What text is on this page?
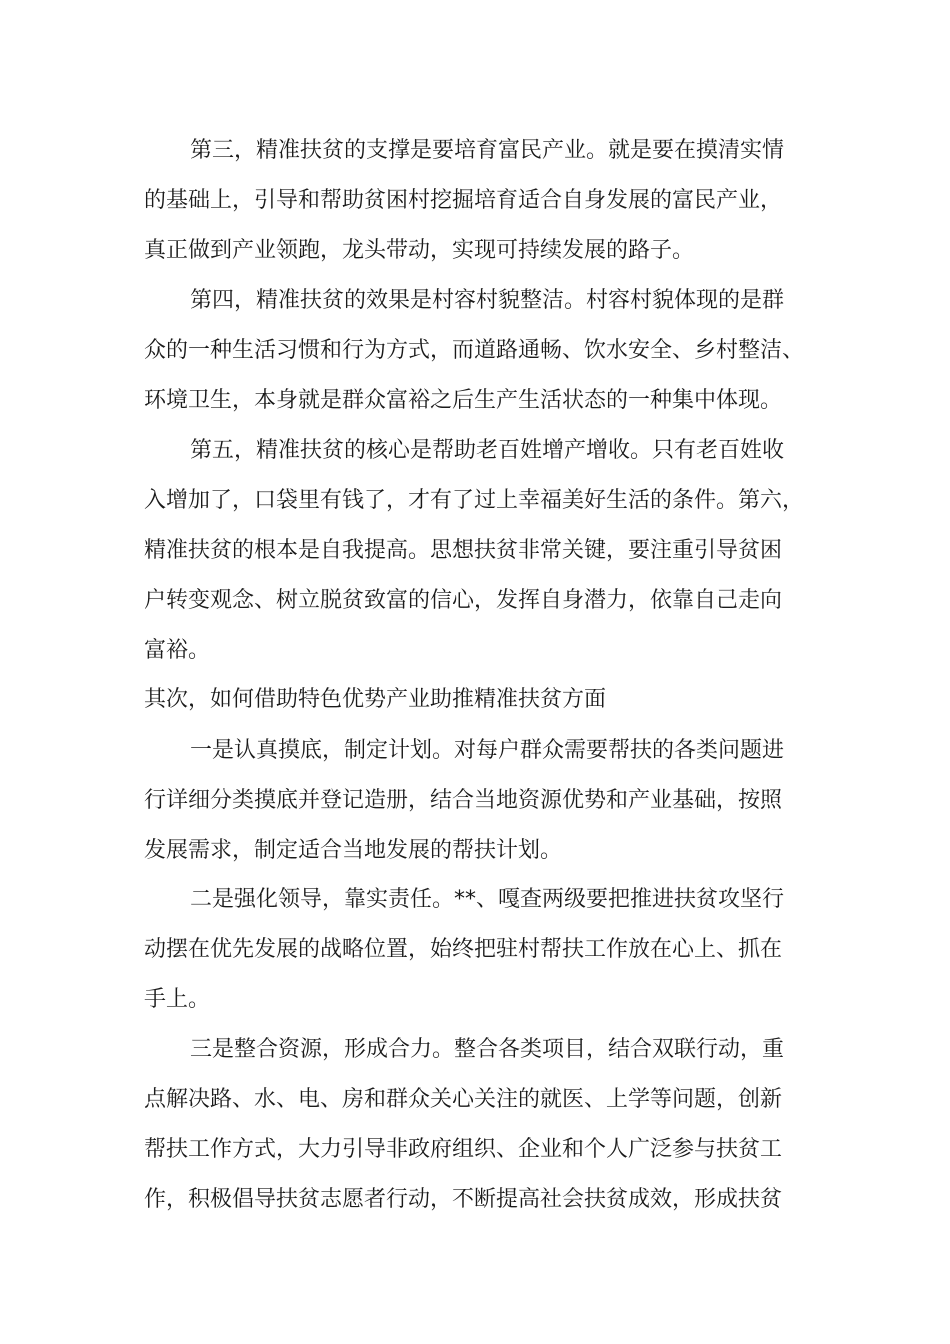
第三，精准扶贫的支撑是要培育富民产业。就是要在摸清实情

的基础上，引导和帮助贫困村挖掘培育适合自身发展的富民产业，

真正做到产业领跑，龙头带动，实现可持续发展的路子。

第四，精准扶贫的效果是村容村貌整洁。村容村貌体现的是群

众的一种生活习惯和行为方式，而道路通畅、饮水安全、乡村整洁、

环境卫生，本身就是群众富裕之后生产生活状态的一种集中体现。

第五，精准扶贫的核心是帮助老百姓增产增收。只有老百姓收

入增加了，口袋里有钱了，才有了过上幸福美好生活的条件。第六，

精准扶贫的根本是自我提高。思想扶贫非常关键，要注重引导贫困

户转变观念、树立脱贫致富的信心，发挥自身潜力，依靠自己走向

富裕。

其次，如何借助特色优势产业助推精准扶贫方面

一是认真摸底，制定计划。对每户群众需要帮扶的各类问题进

行详细分类摸底并登记造册，结合当地资源优势和产业基础，按照

发展需求，制定适合当地发展的帮扶计划。

二是强化领导，靠实责任。**、嘎查两级要把推进扶贫攻坚行

动摆在优先发展的战略位置，始终把驻村帮扶工作放在心上、抓在

手上。

三是整合资源，形成合力。整合各类项目，结合双联行动，重

点解决路、水、电、房和群众关心关注的就医、上学等问题，创新

帮扶工作方式，大力引导非政府组织、企业和个人广泛参与扶贫工

作，积极倡导扶贫志愿者行动，不断提高社会扶贫成效，形成扶贫
